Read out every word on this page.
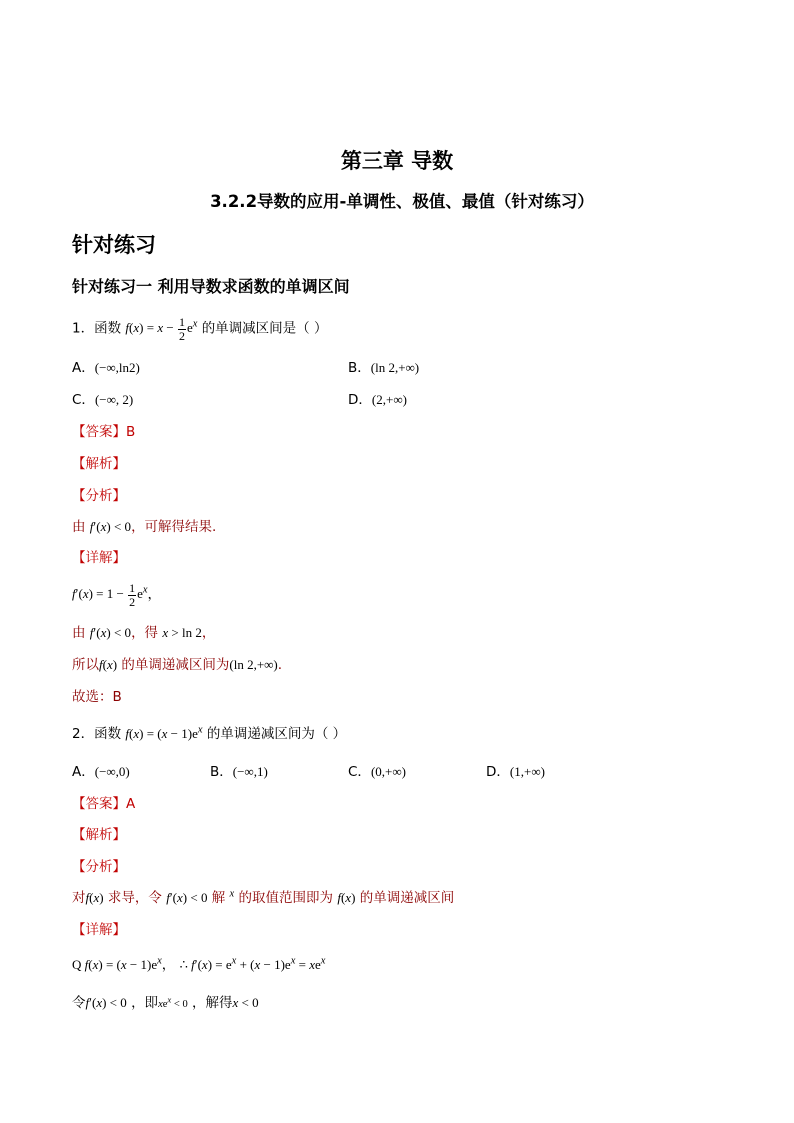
第三章 导数
3.2.2导数的应用-单调性、极值、最值（针对练习）
针对练习
针对练习一 利用导数求函数的单调区间
1．函数 $f(x) = x - \frac{1}{2} e^x$ 的单调减区间是（ ）
A．(−∞,ln2)	B．(ln 2,+∞)
C．(−∞, 2)	D．(2,+∞)
【答案】B
【解析】
【分析】
由 f′(x) < 0，可解得结果.
【详解】
$f'(x) = 1 - \frac{1}{2} e^x$，
由 f′(x) < 0，得 x > ln 2，
所以f(x) 的单调递减区间为(ln 2,+∞).
故选：B
2．函数 $f(x) = (x - 1)e^x$ 的单调递减区间为（ ）
A．(−∞,0)	B．(−∞,1)	C．(0,+∞)	D．(1,+∞)
【答案】A
【解析】
【分析】
对f(x) 求导，令 f′(x) < 0 解 $^x$ 的取值范围即为 f(x) 的单调递减区间
【详解】
Q $f(x) = (x - 1)e^x$， ∴ $f'(x) = e^x + (x - 1)e^x = xe^x$
令f′(x) < 0 ，即$xe^x < 0$ ，解得x < 0
